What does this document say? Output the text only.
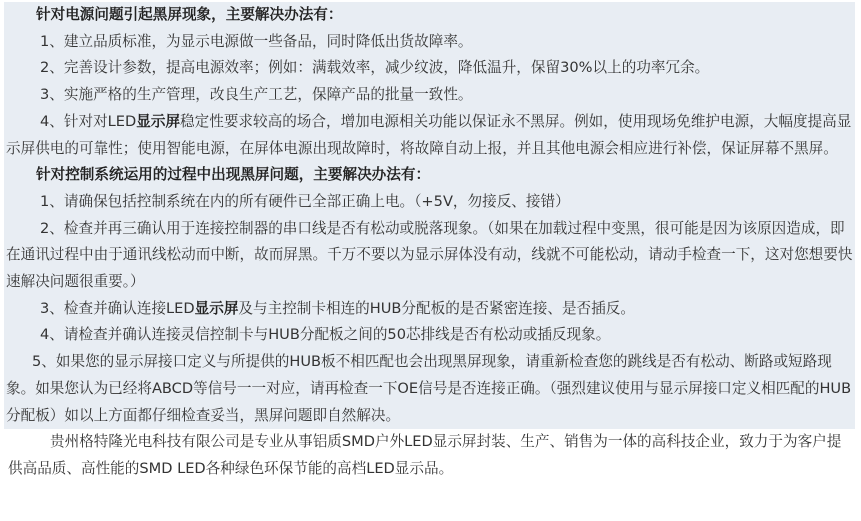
针对电源问题引起黑屏现象，主要解决办法有：

1、建立品质标准，为显示电源做一些备品，同时降低出货故障率。

2、完善设计参数，提高电源效率；例如：满载效率，减少纹波，降低温升，保留30%以上的功率冗余。

3、实施严格的生产管理，改良生产工艺，保障产品的批量一致性。

4、针对对LED显示屏稳定性要求较高的场合，增加电源相关功能以保证永不黑屏。例如，使用现场免维护电源，大幅度提高显示屏供电的可靠性；使用智能电源，在屏体电源出现故障时，将故障自动上报，并且其他电源会相应进行补偿，保证屏幕不黑屏。

针对控制系统运用的过程中出现黑屏问题，主要解决办法有：

1、请确保包括控制系统在内的所有硬件已全部正确上电。（+5V，勿接反、接错）

2、检查并再三确认用于连接控制器的串口线是否有松动或脱落现象。（如果在加载过程中变黑，很可能是因为该原因造成，即在通讯过程中由于通讯线松动而中断，故而屏黑。千万不要以为显示屏体没有动，线就不可能松动，请动手检查一下，这对您想要快速解决问题很重要。）

3、检查并确认连接LED显示屏及与主控制卡相连的HUB分配板的是否紧密连接、是否插反。

4、请检查并确认连接灵信控制卡与HUB分配板之间的50芯排线是否有松动或插反现象。

5、如果您的显示屏接口定义与所提供的HUB板不相匹配也会出现黑屏现象，请重新检查您的跳线是否有松动、断路或短路现象。如果您认为已经将ABCD等信号一一对应，请再检查一下OE信号是否连接正确。（强烈建议使用与显示屏接口定义相匹配的HUB分配板）如以上方面都仔细检查妥当，黑屏问题即自然解决。

贵州格特隆光电科技有限公司是专业从事铝质SMD户外LED显示屏封装、生产、销售为一体的高科技企业，致力于为客户提供高品质、高性能的SMD LED各种绿色环保节能的高档LED显示品。
